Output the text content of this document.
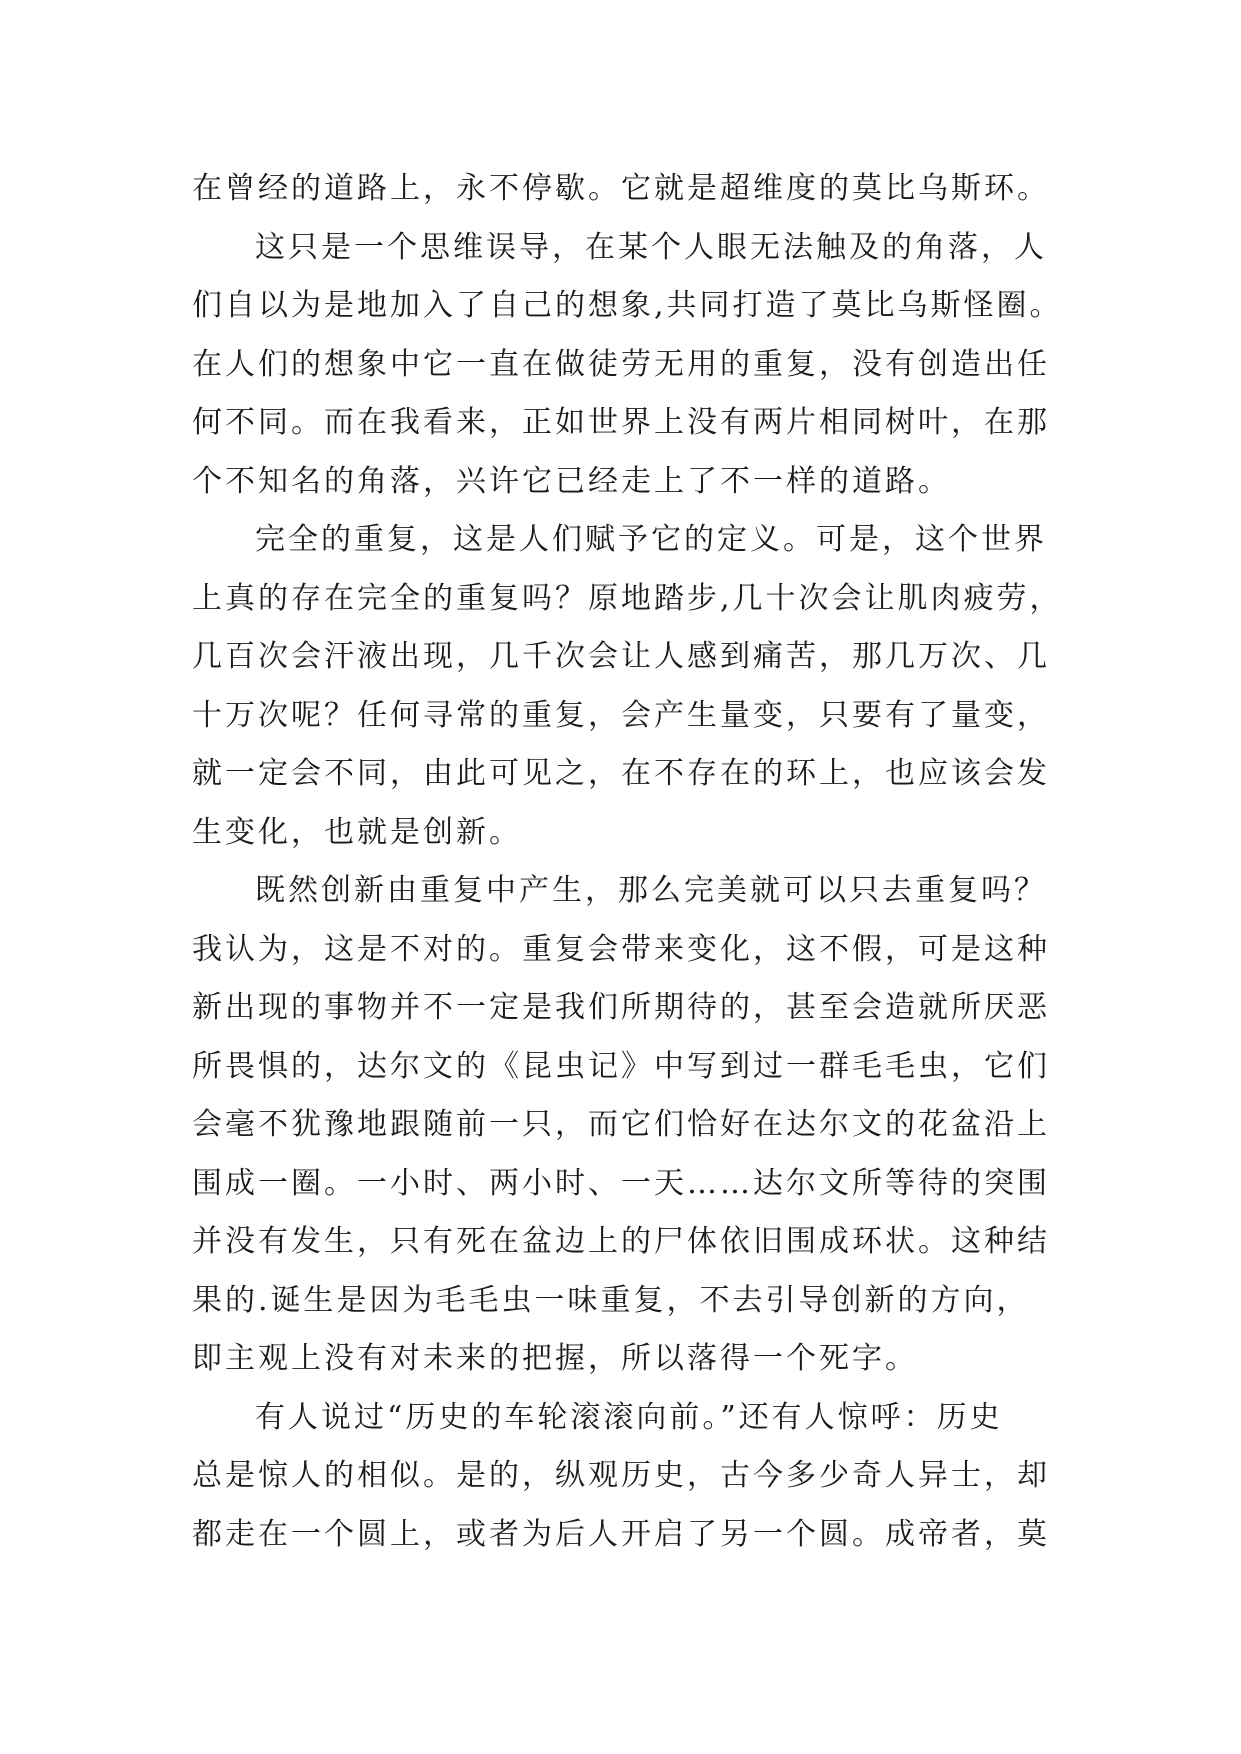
在曾经的道路上，永不停歇。它就是超维度的莫比乌斯环。
这只是一个思维误导，在某个人眼无法触及的角落，人
们自以为是地加入了自己的想象,共同打造了莫比乌斯怪圈。
在人们的想象中它一直在做徒劳无用的重复，没有创造出任
何不同。而在我看来，正如世界上没有两片相同树叶，在那
个不知名的角落，兴许它已经走上了不一样的道路。
完全的重复，这是人们赋予它的定义。可是，这个世界
上真的存在完全的重复吗？原地踏步,几十次会让肌肉疲劳，
几百次会汗液出现，几千次会让人感到痛苦，那几万次、几
十万次呢？任何寻常的重复，会产生量变，只要有了量变，
就一定会不同，由此可见之，在不存在的环上，也应该会发
生变化，也就是创新。
既然创新由重复中产生，那么完美就可以只去重复吗？
我认为，这是不对的。重复会带来变化，这不假，可是这种
新出现的事物并不一定是我们所期待的，甚至会造就所厌恶
所畏惧的，达尔文的《昆虫记》中写到过一群毛毛虫，它们
会毫不犹豫地跟随前一只，而它们恰好在达尔文的花盆沿上
围成一圈。一小时、两小时、一天……达尔文所等待的突围
并没有发生，只有死在盆边上的尸体依旧围成环状。这种结
果的.诞生是因为毛毛虫一味重复，不去引导创新的方向，
即主观上没有对未来的把握，所以落得一个死字。
有人说过“历史的车轮滚滚向前。”还有人惊呼：历史
总是惊人的相似。是的，纵观历史，古今多少奇人异士，却
都走在一个圆上，或者为后人开启了另一个圆。成帝者，莫
